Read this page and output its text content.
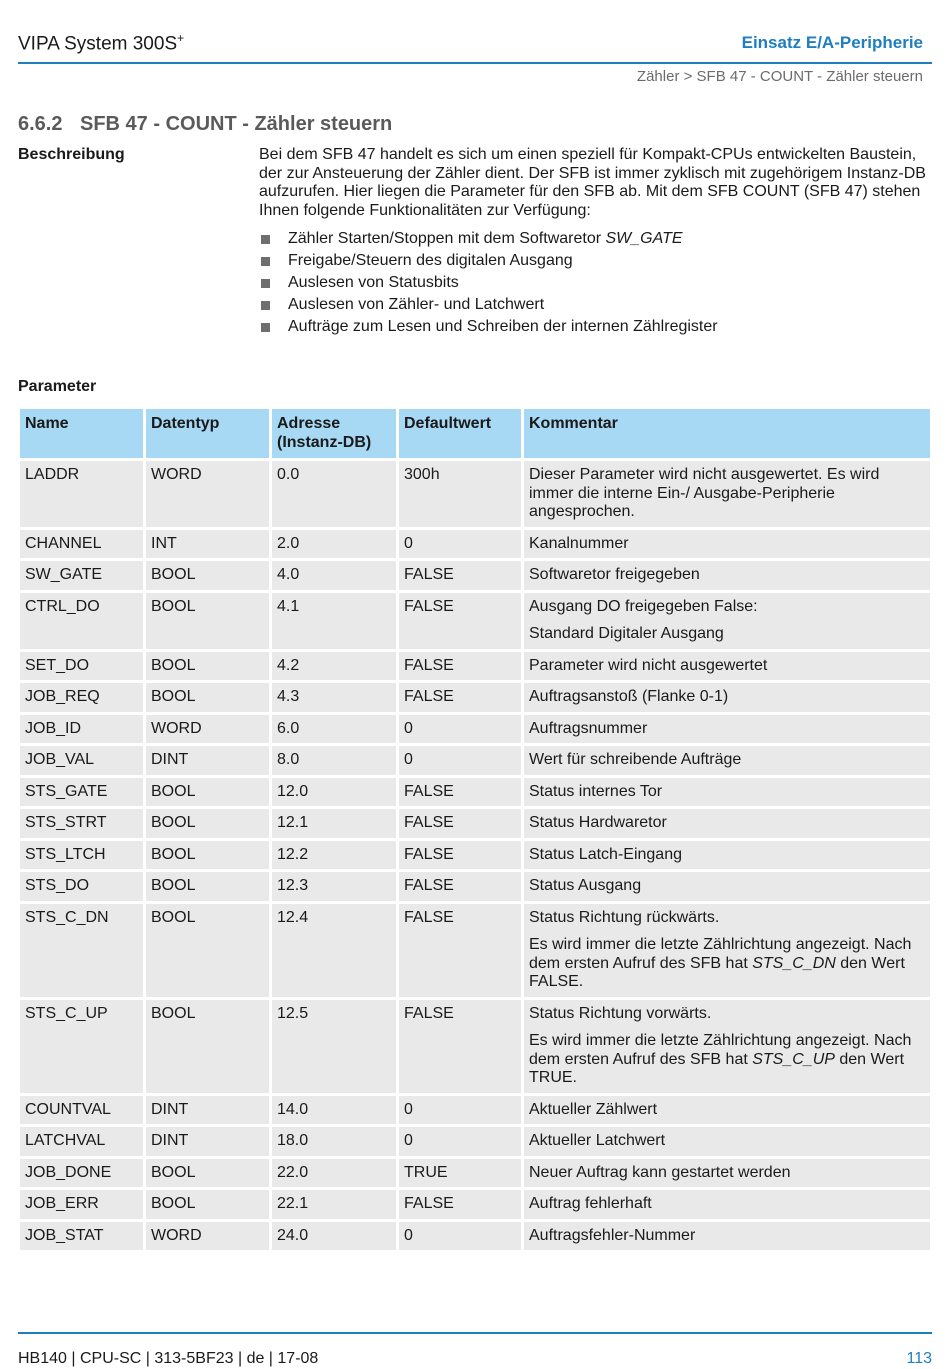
VIPA System 300S+	Einsatz E/A-Peripherie
Zähler > SFB 47 - COUNT - Zähler steuern
6.6.2 SFB 47 - COUNT - Zähler steuern
Beschreibung	Bei dem SFB 47 handelt es sich um einen speziell für Kompakt-CPUs entwickelten Baustein, der zur Ansteuerung der Zähler dient. Der SFB ist immer zyklisch mit zugehörigem Instanz-DB aufzurufen. Hier liegen die Parameter für den SFB ab. Mit dem SFB COUNT (SFB 47) stehen Ihnen folgende Funktionalitäten zur Verfügung:
Zähler Starten/Stoppen mit dem Softwaretor SW_GATE
Freigabe/Steuern des digitalen Ausgang
Auslesen von Statusbits
Auslesen von Zähler- und Latchwert
Aufträge zum Lesen und Schreiben der internen Zählregister
Parameter
Name	Datentyp	Adresse (Instanz-DB)	Defaultwert	Kommentar
LADDR	WORD	0.0	300h	Dieser Parameter wird nicht ausgewertet. Es wird immer die interne Ein-/ Ausgabe-Peripherie angesprochen.

CHANNEL	INT	2.0	0	Kanalnummer

SW_GATE	BOOL	4.0	FALSE	Softwaretor freigegeben

CTRL_DO	BOOL	4.1	FALSE	Ausgang DO freigegeben False:

Standard Digitaler Ausgang

SET_DO	BOOL	4.2	FALSE	Parameter wird nicht ausgewertet

JOB_REQ	BOOL	4.3	FALSE	Auftragsanstoß (Flanke 0-1)

JOB_ID	WORD	6.0	0	Auftragsnummer

JOB_VAL	DINT	8.0	0	Wert für schreibende Aufträge

STS_GATE	BOOL	12.0	FALSE	Status internes Tor

STS_STRT	BOOL	12.1	FALSE	Status Hardwaretor

STS_LTCH	BOOL	12.2	FALSE	Status Latch-Eingang

STS_DO	BOOL	12.3	FALSE	Status Ausgang

STS_C_DN	BOOL	12.4	FALSE	Status Richtung rückwärts.

Es wird immer die letzte Zählrichtung angezeigt. Nach dem ersten Aufruf des SFB hat STS_C_DN den Wert FALSE.

STS_C_UP	BOOL	12.5	FALSE	Status Richtung vorwärts.

Es wird immer die letzte Zählrichtung angezeigt. Nach dem ersten Aufruf des SFB hat STS_C_UP den Wert TRUE.

COUNTVAL	DINT	14.0	0	Aktueller Zählwert

LATCHVAL	DINT	18.0	0	Aktueller Latchwert

JOB_DONE	BOOL	22.0	TRUE	Neuer Auftrag kann gestartet werden

JOB_ERR	BOOL	22.1	FALSE	Auftrag fehlerhaft

JOB_STAT	WORD	24.0	0	Auftragsfehler-Nummer

HB140 | CPU-SC | 313-5BF23 | de | 17-08	113
